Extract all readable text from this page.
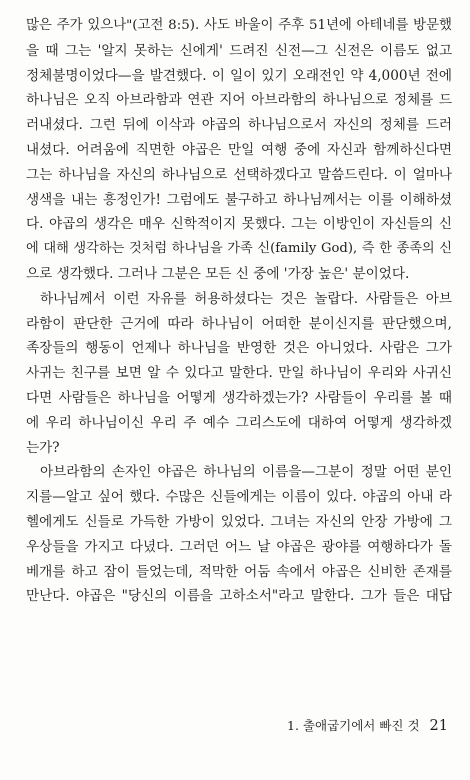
많은 주가 있으나"(고전 8:5). 사도 바울이 주후 51년에 아테네를 방문했
을 때 그는 '알지 못하는 신에게' 드려진 신전—그 신전은 이름도 없고
정체불명이었다—을 발견했다. 이 일이 있기 오래전인 약 4,000년 전에
하나님은 오직 아브라함과 연관 지어 아브라함의 하나님으로 정체를 드
러내셨다. 그런 뒤에 이삭과 야곱의 하나님으로서 자신의 정체를 드러
내셨다. 어려움에 직면한 야곱은 만일 여행 중에 자신과 함께하신다면
그는 하나님을 자신의 하나님으로 선택하겠다고 말씀드린다. 이 얼마나
생색을 내는 흥정인가! 그럼에도 불구하고 하나님께서는 이를 이해하셨
다. 야곱의 생각은 매우 신학적이지 못했다. 그는 이방인이 자신들의 신
에 대해 생각하는 것처럼 하나님을 가족 신(family God), 즉 한 종족의 신
으로 생각했다. 그러나 그분은 모든 신 중에 '가장 높은' 분이었다.
하나님께서 이런 자유를 허용하셨다는 것은 놀랍다. 사람들은 아브
라함이 판단한 근거에 따라 하나님이 어떠한 분이신지를 판단했으며,
족장들의 행동이 언제나 하나님을 반영한 것은 아니었다. 사람은 그가
사귀는 친구를 보면 알 수 있다고 말한다. 만일 하나님이 우리와 사귀신
다면 사람들은 하나님을 어떻게 생각하겠는가? 사람들이 우리를 볼 때
에 우리 하나님이신 우리 주 예수 그리스도에 대하여 어떻게 생각하겠
는가?
아브라함의 손자인 야곱은 하나님의 이름을—그분이 정말 어떤 분인
지를—알고 싶어 했다. 수많은 신들에게는 이름이 있다. 야곱의 아내 라
헬에게도 신들로 가득한 가방이 있었다. 그녀는 자신의 안장 가방에 그
우상들을 가지고 다녔다. 그러던 어느 날 야곱은 광야를 여행하다가 돌
베개를 하고 잠이 들었는데, 적막한 어둠 속에서 야곱은 신비한 존재를
만난다. 야곱은 "당신의 이름을 고하소서"라고 말한다. 그가 들은 대답
1. 출애굽기에서 빠진 것 21
